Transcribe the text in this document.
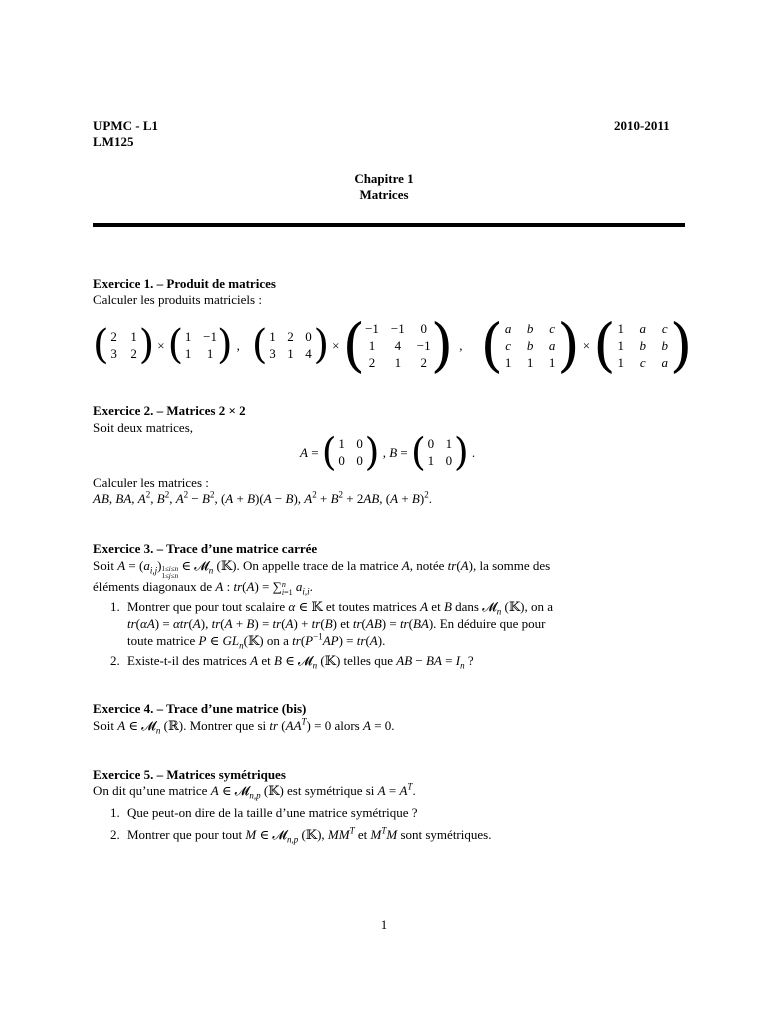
UPMC - L1
LM125
2010-2011
Chapitre 1
Matrices
Exercice 1. – Produit de matrices
Calculer les produits matriciels :
( 2 1
3 2 ) × ( 1 −1
1 1 ) , ( 1 2 0
3 1 4 ) × ( −1 −1 0
1 4 −1
2 1 2 ) , ( a b c
c b a
1 1 1 ) × ( 1 a c
1 b b
1 c a )
Exercice 2. – Matrices 2 × 2
Soit deux matrices,
A = ( 1 0
0 0 ) , B = ( 0 1
1 0 ) .
Calculer les matrices :
AB, BA, $A^2$, $B^2$, $A^2 - B^2$, (A + B)(A − B), $A^2 + B^2 + 2AB$, $(A + B)^2$.
Exercice 3. – Trace d’une matrice carrée
Soit $A = (a_{i,j})1\le i\le n$
1≤j≤n ∈ 𝓜$_n$ (𝕂). On appelle trace de la matrice A, notée tr(A), la somme des
éléments diagonaux de A : tr(A) = ∑n
i=1 $a_{i,i}$.
1. Montrer que pour tout scalaire α ∈ 𝕂 et toutes matrices A et B dans 𝓜$_n$ (𝕂), on a
tr(αA) = αtr(A), tr(A + B) = tr(A) + tr(B) et tr(AB) = tr(BA). En déduire que pour
toute matrice P ∈ $GL_n(𝕂)$ on a $tr(P^{-1}AP) = tr(A)$.
2. Existe-t-il des matrices A et B ∈ 𝓜$_n$ (𝕂) telles que AB − BA = $I_n$ ?
Exercice 4. – Trace d’une matrice (bis)
Soit A ∈ 𝓜$_n$ (ℝ). Montrer que si tr $(AA^T) = 0$ alors A = 0.
Exercice 5. – Matrices symétriques
On dit qu’une matrice A ∈ 𝓜$_{n,p}$ (𝕂) est symétrique si $A = A^T$.
1. Que peut-on dire de la taille d’une matrice symétrique ?
2. Montrer que pour tout M ∈ 𝓜$_{n,p}$ (𝕂), $MM^T$ et $M^TM$ sont symétriques.
1
